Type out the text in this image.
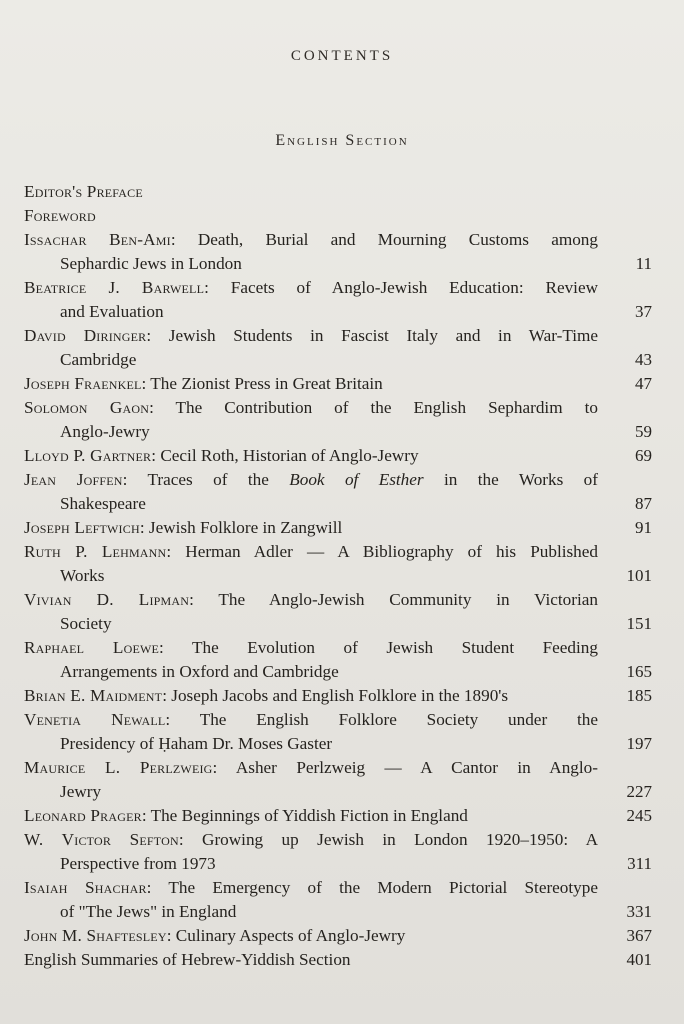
CONTENTS
English Section
Editor's Preface
Foreword
Issachar Ben-Ami: Death, Burial and Mourning Customs among
Sephardic Jews in London	11
Beatrice J. Barwell: Facets of Anglo-Jewish Education: Review
and Evaluation	37
David Diringer: Jewish Students in Fascist Italy and in War-Time
Cambridge	43
Joseph Fraenkel: The Zionist Press in Great Britain	47
Solomon Gaon: The Contribution of the English Sephardim to
Anglo-Jewry	59
Lloyd P. Gartner: Cecil Roth, Historian of Anglo-Jewry	69
Jean Joffen: Traces of the Book of Esther in the Works of
Shakespeare	87
Joseph Leftwich: Jewish Folklore in Zangwill	91
Ruth P. Lehmann: Herman Adler — A Bibliography of his Published
Works	101
Vivian D. Lipman: The Anglo-Jewish Community in Victorian
Society	151
Raphael Loewe: The Evolution of Jewish Student Feeding
Arrangements in Oxford and Cambridge	165
Brian E. Maidment: Joseph Jacobs and English Folklore in the 1890's	185
Venetia Newall: The English Folklore Society under the
Presidency of Ḥaham Dr. Moses Gaster	197
Maurice L. Perlzweig: Asher Perlzweig — A Cantor in Anglo-
Jewry	227
Leonard Prager: The Beginnings of Yiddish Fiction in England	245
W. Victor Sefton: Growing up Jewish in London 1920–1950: A
Perspective from 1973	311
Isaiah Shachar: The Emergency of the Modern Pictorial Stereotype
of "The Jews" in England	331
John M. Shaftesley: Culinary Aspects of Anglo-Jewry	367
English Summaries of Hebrew-Yiddish Section	401
